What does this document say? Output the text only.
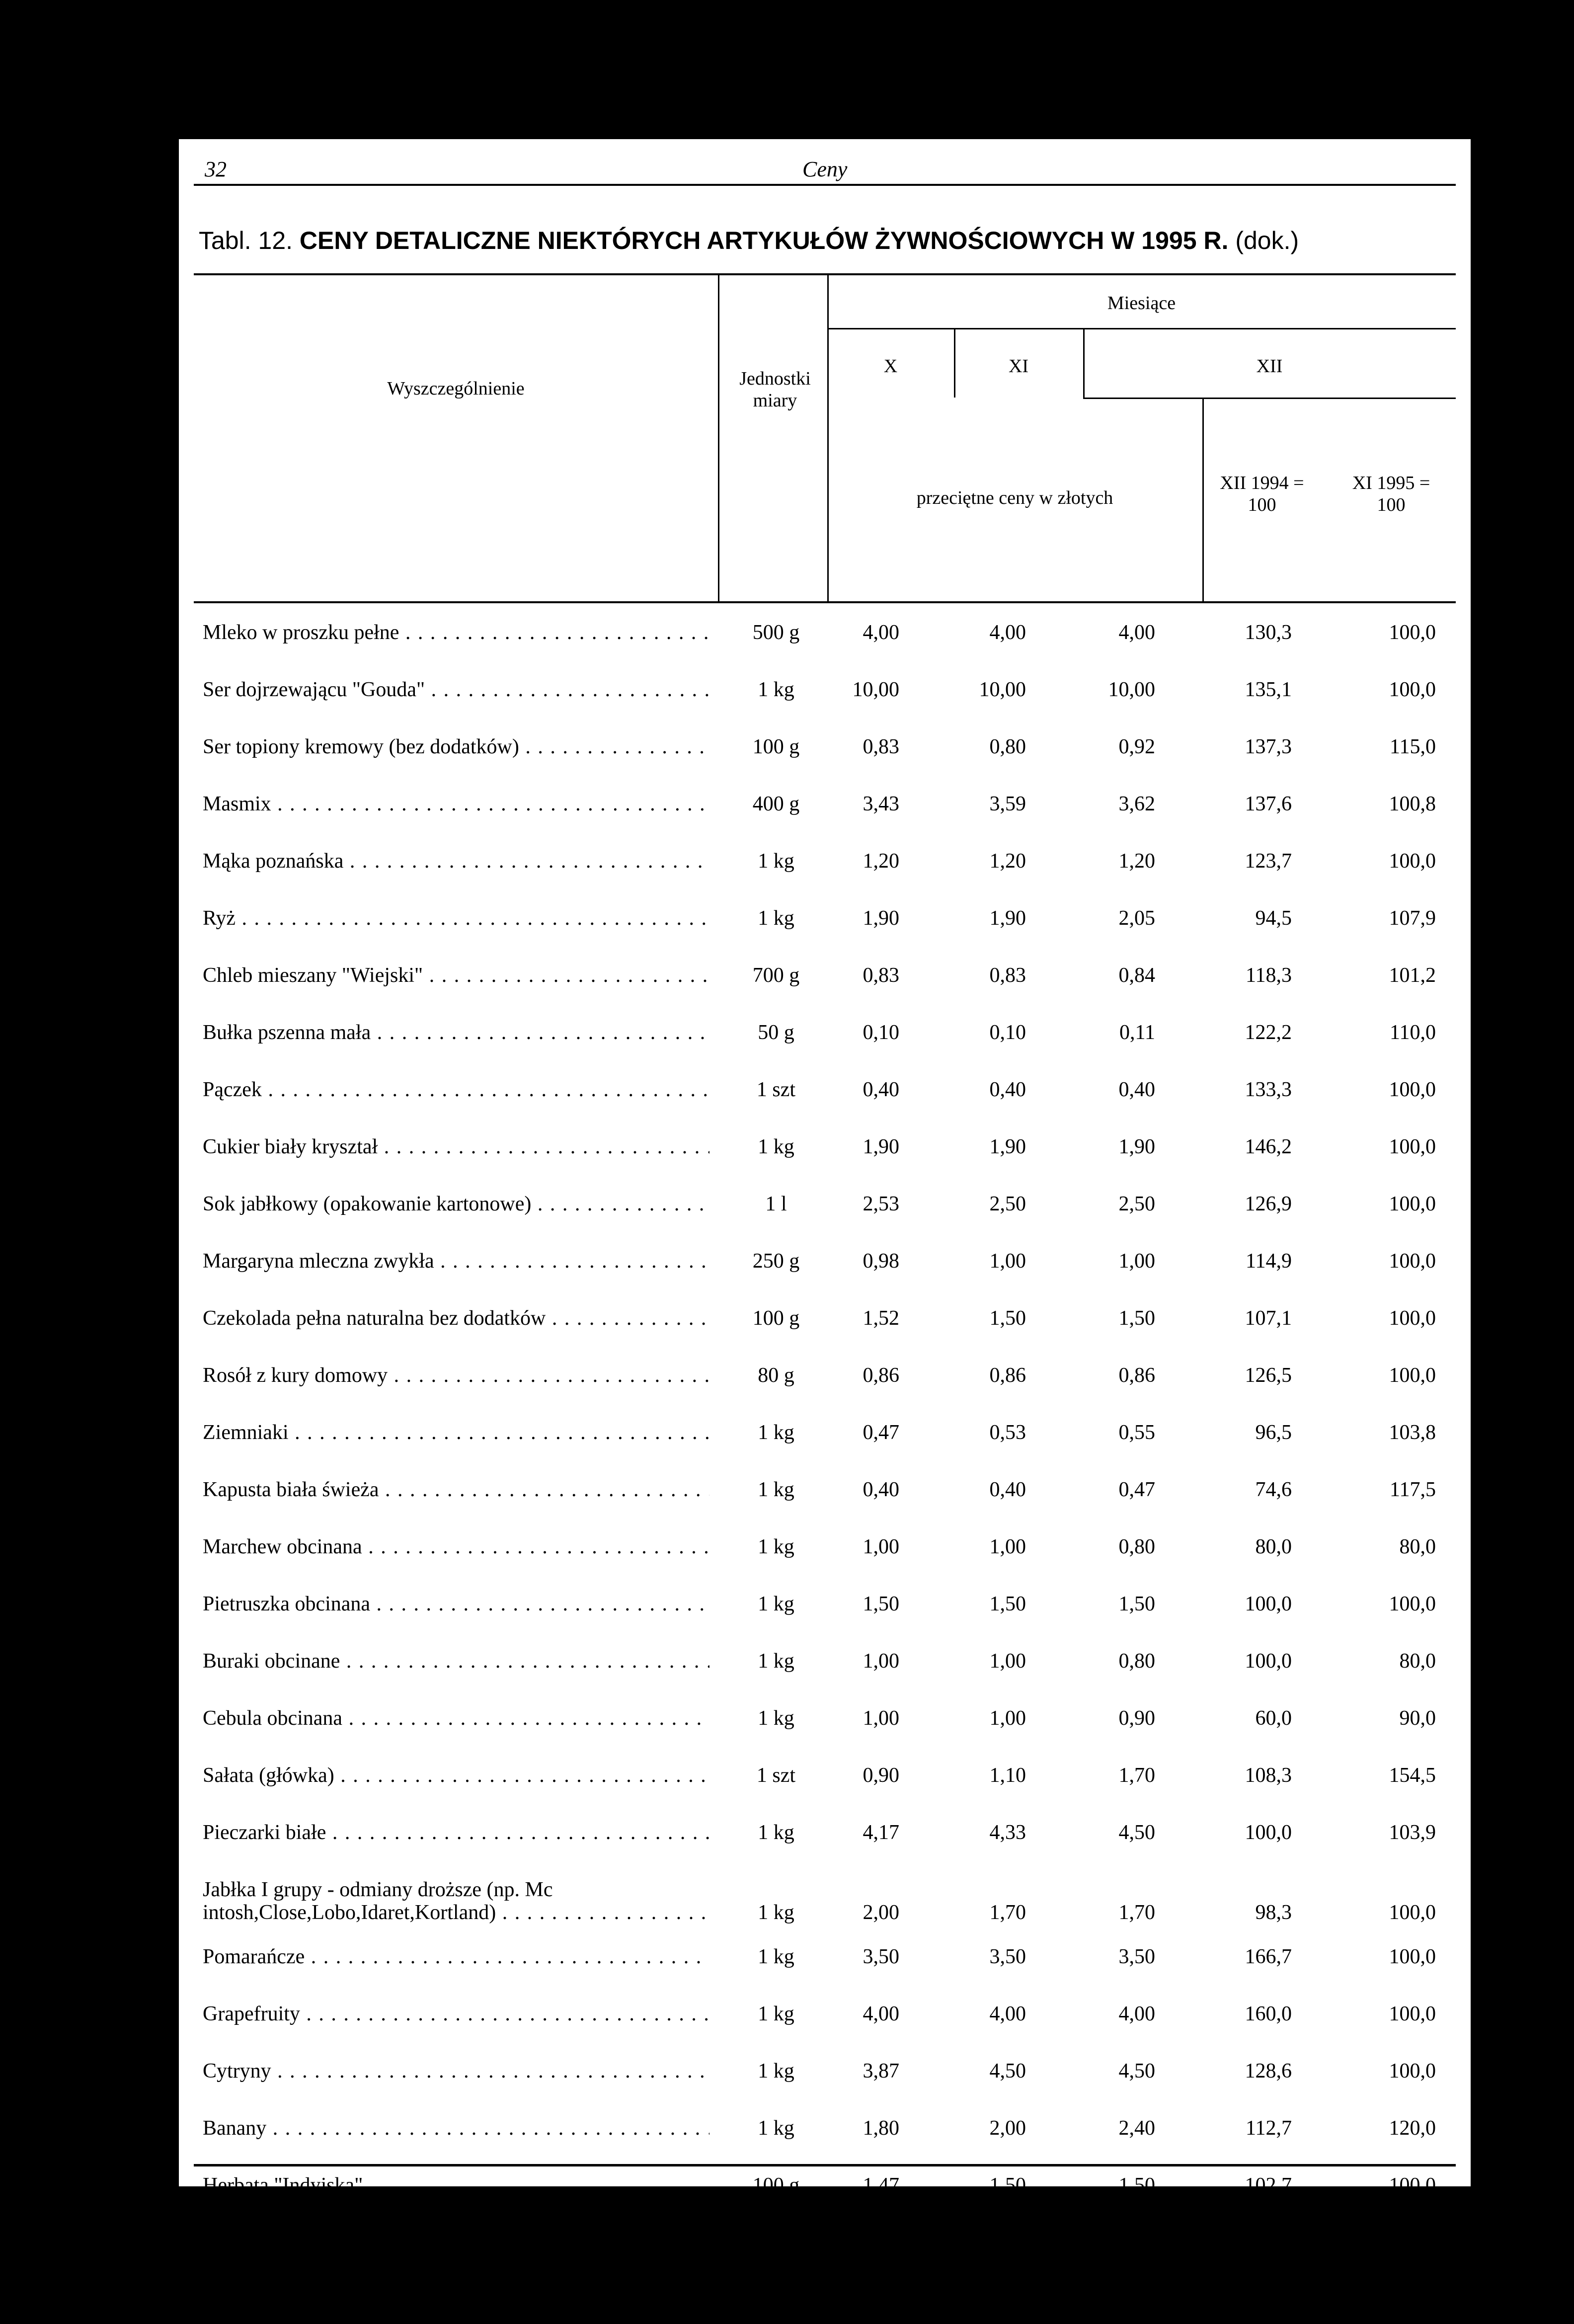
32	Ceny
Tabl. 12. CENY DETALICZNE NIEKTÓRYCH ARTYKUŁÓW ŻYWNOŚCIOWYCH W 1995 R. (dok.)
Wyszczególnienie	Jednostki miary
Miesiące
X	XI	XII
przeciętne ceny w złotych
XII 1994 = 100
XI 1995 = 100
Mleko w proszku pełne . . .	500 g	4,00	4,00	4,00	130,3	100,0
Ser dojrzewającu "Gouda" . . .	1 kg	10,00	10,00	10,00	135,1	100,0
Ser topiony kremowy (bez dodatków) . . .	100 g	0,83	0,80	0,92	137,3	115,0
Masmix . . .	400 g	3,43	3,59	3,62	137,6	100,8
Mąka poznańska . . .	1 kg	1,20	1,20	1,20	123,7	100,0
Ryż . . .	1 kg	1,90	1,90	2,05	94,5	107,9
Chleb mieszany "Wiejski" . . .	700 g	0,83	0,83	0,84	118,3	101,2
Bułka pszenna mała . . .	50 g	0,10	0,10	0,11	122,2	110,0
Pączek . . .	1 szt	0,40	0,40	0,40	133,3	100,0
Cukier biały kryształ . . .	1 kg	1,90	1,90	1,90	146,2	100,0
Sok jabłkowy (opakowanie kartonowe) . . .	1 l	2,53	2,50	2,50	126,9	100,0
Margaryna mleczna zwykła . . .	250 g	0,98	1,00	1,00	114,9	100,0
Czekolada pełna naturalna bez dodatków . . .	100 g	1,52	1,50	1,50	107,1	100,0
Rosół z kury domowy . . .	80 g	0,86	0,86	0,86	126,5	100,0
Ziemniaki . . .	1 kg	0,47	0,53	0,55	96,5	103,8
Kapusta biała świeża . . .	1 kg	0,40	0,40	0,47	74,6	117,5
Marchew obcinana . . .	1 kg	1,00	1,00	0,80	80,0	80,0
Pietruszka obcinana . . .	1 kg	1,50	1,50	1,50	100,0	100,0
Buraki obcinane . . .	1 kg	1,00	1,00	0,80	100,0	80,0
Cebula obcinana . . .	1 kg	1,00	1,00	0,90	60,0	90,0
Sałata (główka) . . .	1 szt	0,90	1,10	1,70	108,3	154,5
Pieczarki białe . . .	1 kg	4,17	4,33	4,50	100,0	103,9
Jabłka I grupy - odmiany droższe (np. Mc intosh,Close,Lobo,Idaret,Kortland) . . .	1 kg	2,00	1,70	1,70	98,3	100,0
Pomarańcze . . .	1 kg	3,50	3,50	3,50	166,7	100,0
Grapefruity . . .	1 kg	4,00	4,00	4,00	160,0	100,0
Cytryny . . .	1 kg	3,87	4,50	4,50	128,6	100,0
Banany . . .	1 kg	1,80	2,00	2,40	112,7	120,0
Herbata "Indyjska" . . .	100 g	1,47	1,50	1,50	102,7	100,0
Kawa naturalna w opakowaniach oryginalnych z importu . . .
250 g	8,80	8,80	8,80	100,6	100,0
